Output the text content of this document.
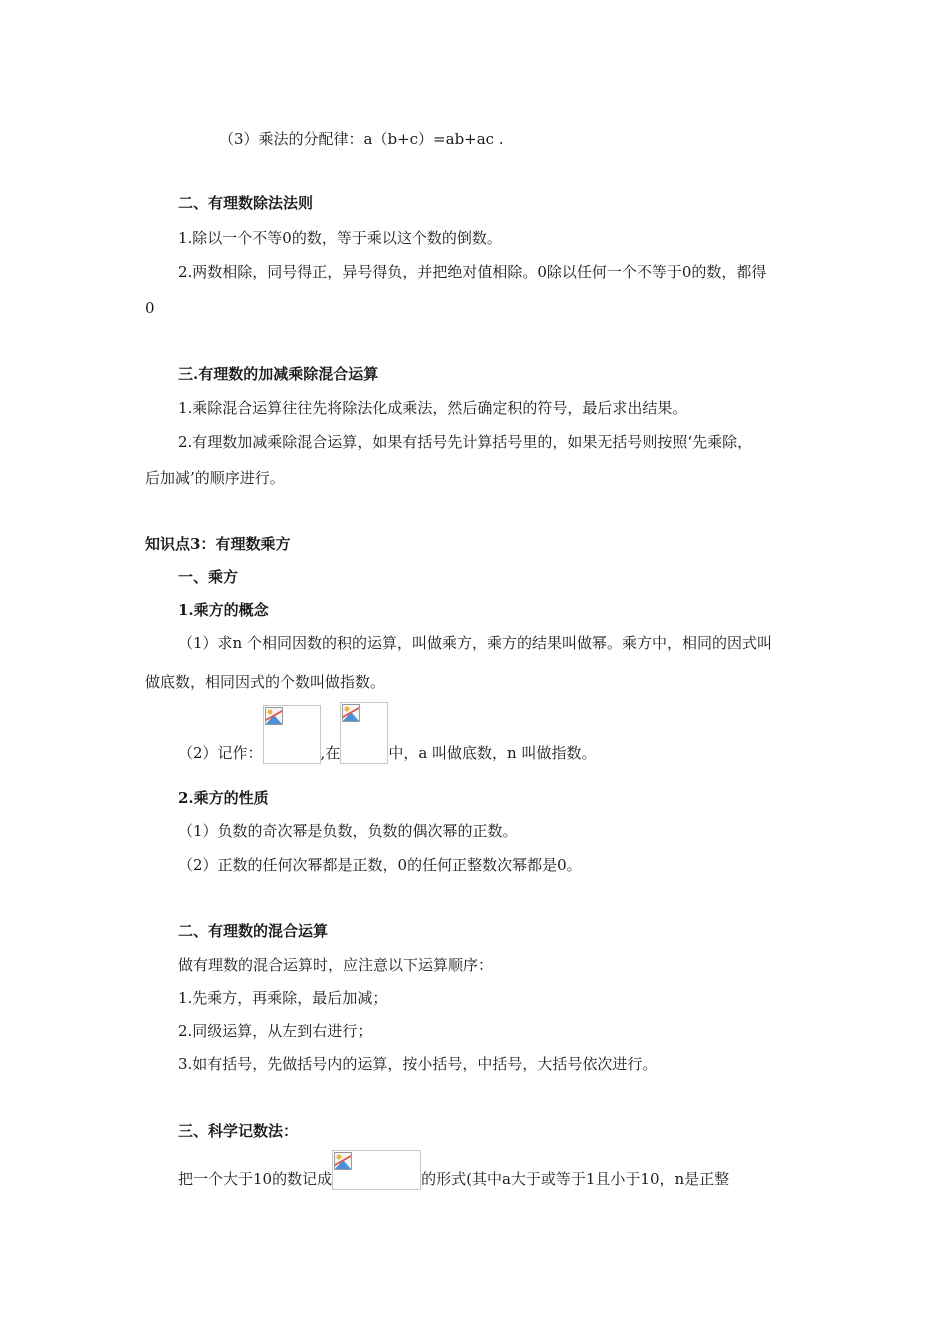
（3）乘法的分配律：a（b+c）=ab+ac .
二、有理数除法法则
1.除以一个不等0的数，等于乘以这个数的倒数。
2.两数相除，同号得正，异号得负，并把绝对值相除。0除以任何一个不等于0的数，都得
0
三.有理数的加减乘除混合运算
1.乘除混合运算往往先将除法化成乘法，然后确定积的符号，最后求出结果。
2.有理数加减乘除混合运算，如果有括号先计算括号里的，如果无括号则按照‘先乘除，
后加减’的顺序进行。
知识点3：有理数乘方
一、乘方
1.乘方的概念
（1）求n 个相同因数的积的运算，叫做乘方，乘方的结果叫做幂。乘方中，相同的因式叫
做底数，相同因式的个数叫做指数。
（2）记作：	,在	中，a 叫做底数，n 叫做指数。
2.乘方的性质
（1）负数的奇次幂是负数，负数的偶次幂的正数。
（2）正数的任何次幂都是正数，0的任何正整数次幂都是0。
二、有理数的混合运算
做有理数的混合运算时，应注意以下运算顺序：
1.先乘方，再乘除，最后加减；
2.同级运算，从左到右进行；
3.如有括号，先做括号内的运算，按小括号，中括号，大括号依次进行。
三、科学记数法：
把一个大于10的数记成	的形式(其中a大于或等于1且小于10，n是正整
